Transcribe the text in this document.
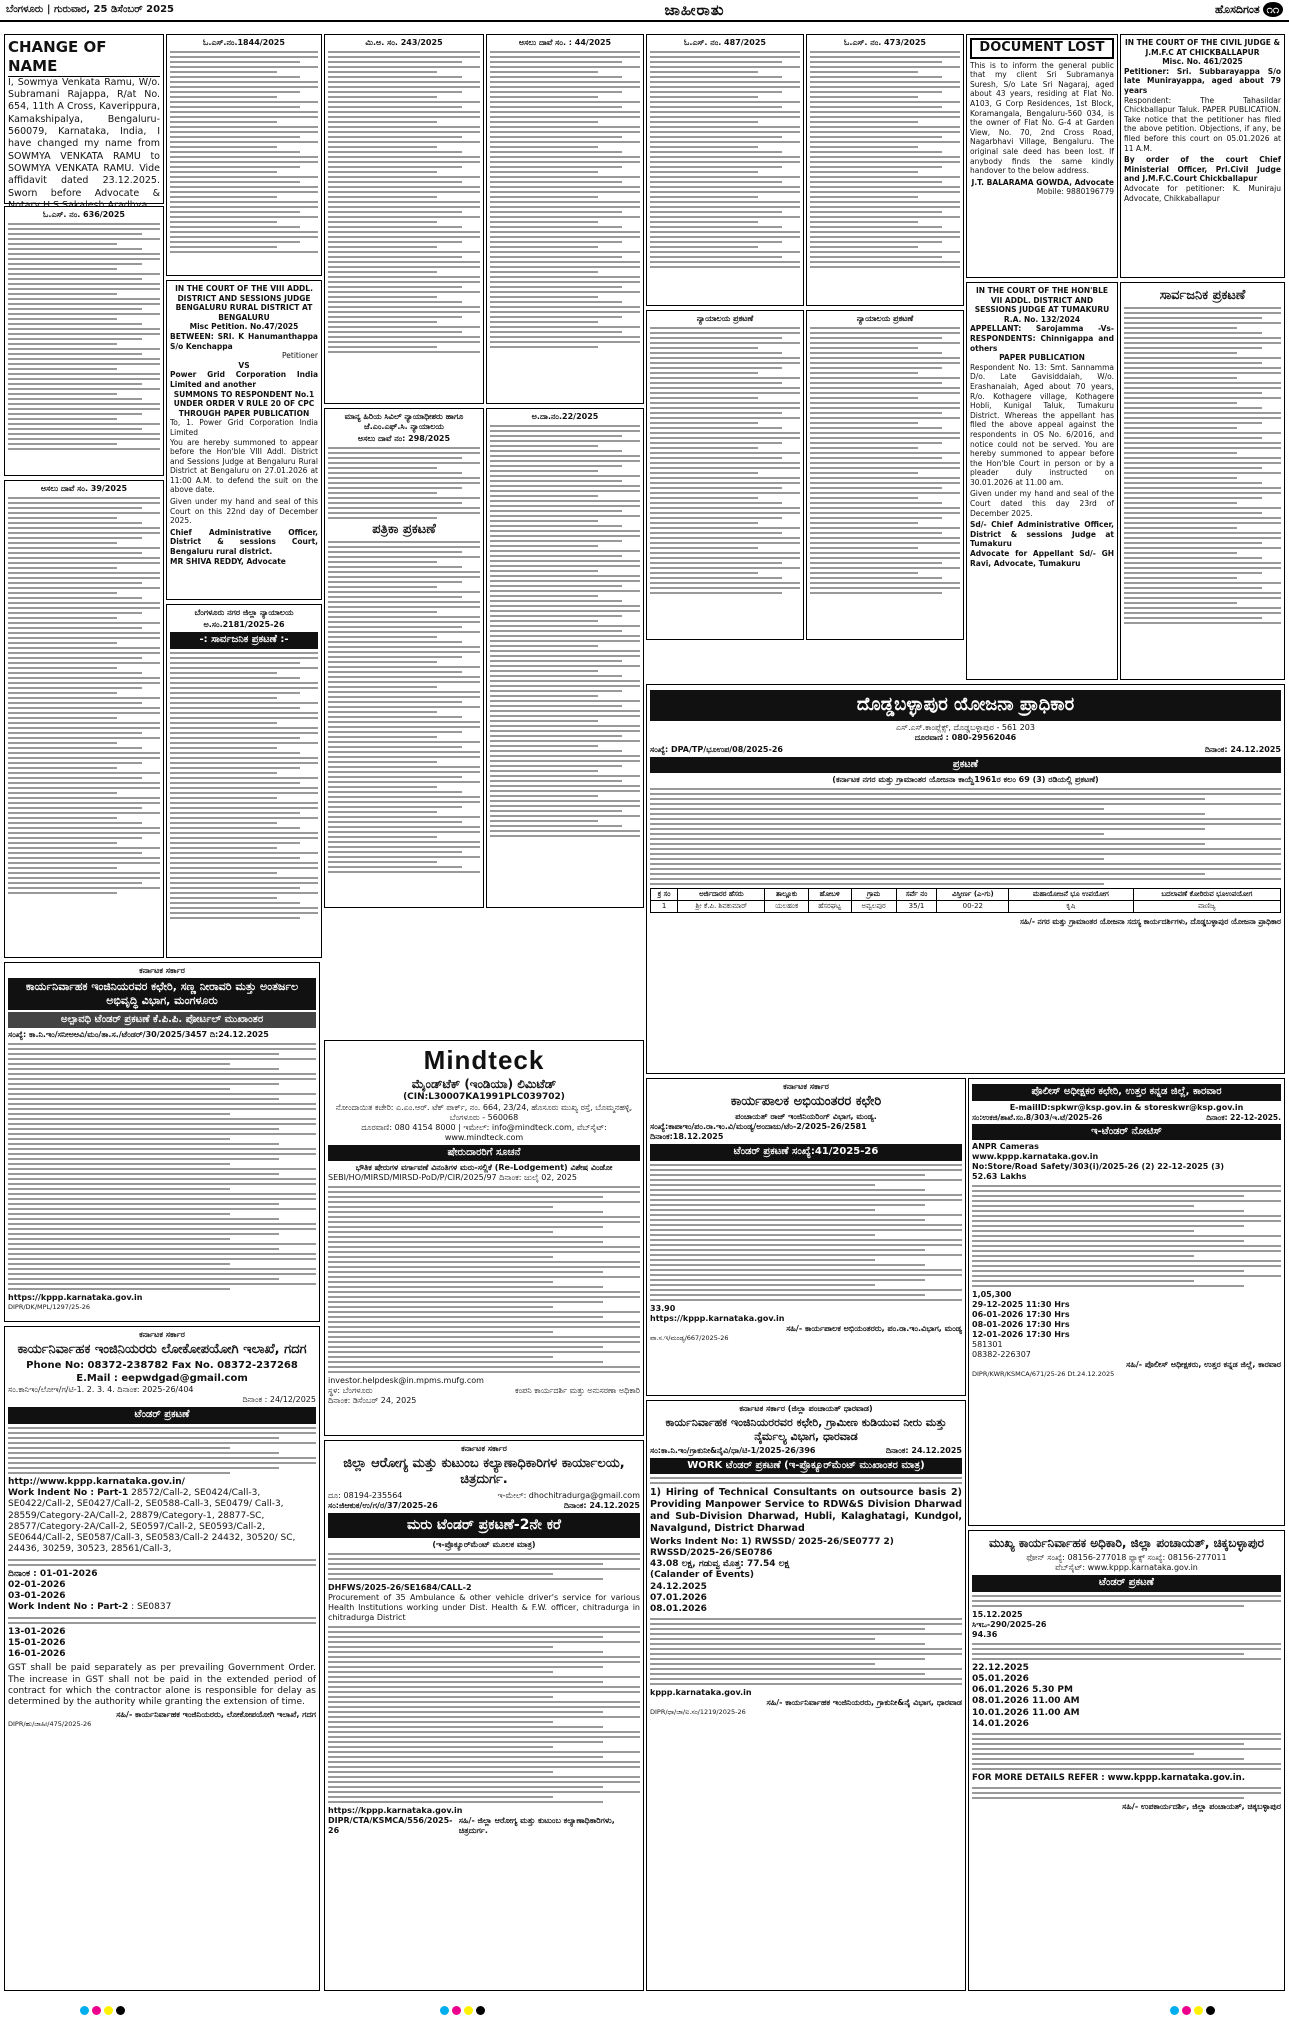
ಬೆಂಗಳೂರು | ಗುರುವಾರ, 25 ಡಿಸೆಂಬರ್ 2025	ಜಾಹೀರಾತು	ಹೊಸದಿಗಂತ ೧೧
CHANGE OF NAME

I, Sowmya Venkata Ramu, W/o. Subramani Rajappa, R/at No. 654, 11th A Cross, Kaverippura, Kamakshipalya, Bengaluru-560079, Karnataka, India, I have changed my name from SOWMYA VENKATA RAMU to SOWMYA VENKATA RAMU. Vide affidavit dated 23.12.2025. Sworn before Advocate &

ಓ.ಎಸ್. ನಂ. 636/2025
ಅಸಲು ದಾವೆ ಸಂ. 39/2025
ಓ.ಎಸ್.ನಂ.1844/2025
IN THE COURT OF THE VIII ADDL. DISTRICT AND SESSIONS JUDGE BENGALURU RURAL DISTRICT AT BENGALURU
Misc Petition. No.47/2025
BETWEEN: SRI. K Hanumanthappa S/o Kenchappa
Petitioner
VS
Power Grid Corporation India Limited and another
SUMMONS TO RESPONDENT No.1 UNDER ORDER V RULE 20 OF CPC THROUGH PAPER PUBLICATION
To, 1. Power Grid Corporation India Limited

You are hereby summoned to appear before the Hon'ble VIII Addl. District and Sessions Judge at Bengaluru Rural District at Bengaluru on 27.01.2026 at 11:00 A.M. to defend the suit on the above date.

Given under my hand and seal of this Court on this 22nd day of December 2025.

Chief Administrative Officer, District & sessions Court, Bengaluru rural district.
MR SHIVA REDDY, Advocate
ಬೆಂಗಳೂರು ನಗರ ಜಿಲ್ಲಾ ನ್ಯಾಯಾಲಯ
ಅ.ಸಂ.2181/2025-26
-: ಸಾರ್ವಜನಿಕ ಪ್ರಕಟಣೆ :-
ಮಿ.ಅ. ಸಂ. 243/2025
ಮಾನ್ಯ ಹಿರಿಯ ಸಿವಿಲ್ ನ್ಯಾಯಾಧೀಶರು ಹಾಗೂ ಜೆ.ಎಂ.ಎಫ್.ಸಿ. ನ್ಯಾಯಾಲಯ
ಅಸಲು ದಾವೆ ನಂ: 298/2025
ಪತ್ರಿಕಾ ಪ್ರಕಟಣೆ
ಅಸಲು ದಾವೆ ಸಂ. : 44/2025
ಅ.ದಾ.ನಂ.22/2025
ಓ.ಎಸ್. ನಂ. 487/2025
ನ್ಯಾಯಾಲಯ ಪ್ರಕಟಣೆ
ಓ.ಎಸ್. ನಂ. 473/2025
ನ್ಯಾಯಾಲಯ ಪ್ರಕಟಣೆ
DOCUMENT LOST

This is to inform the general public that my client Sri Subramanya Suresh, S/o Late Sri Nagaraj, aged about 43 years, residing at Flat No. A103, G Corp Residences, 1st Block, Koramangala, Bengaluru-560 034, is the owner of Flat No. G-4 at Garden View, No. 70, 2nd Cross Road, Nagarbhavi Village, Bengaluru. The original sale deed has been lost. If anybody finds the same kindly handover to the below address.

J.T. BALARAMA GOWDA, Advocate
Mobile: 9880196779
IN THE COURT OF THE HON'BLE VII ADDL. DISTRICT AND SESSIONS JUDGE AT TUMAKURU
R.A. No. 132/2024
APPELLANT: Sarojamma -Vs- RESPONDENTS: Chinnigappa and others
PAPER PUBLICATION

Respondent No. 13: Smt. Sannamma D/o. Late Gavisiddaiah, W/o. Erashanaiah, Aged about 70 years, R/o. Kothagere village, Kothagere Hobli, Kunigal Taluk, Tumakuru District. Whereas the appellant has filed the above appeal against the respondents in OS No. 6/2016, and notice could not be served. You are hereby summoned to appear before the Hon'ble Court in person or by a pleader duly instructed on 30.01.2026 at 11.00 am.

Given under my hand and seal of the Court dated this day 23rd of December 2025.

Sd/- Chief Administrative Officer, District & sessions Judge at Tumakuru
Advocate for Appellant Sd/- GH Ravi, Advocate, Tumakuru
IN THE COURT OF THE CIVIL JUDGE & J.M.F.C AT CHICKBALLAPUR
Misc. No. 461/2025
Petitioner: Sri. Subbarayappa S/o late Munirayappa, aged about 79 years

Respondent: The Tahasildar Chickballapur Taluk. PAPER PUBLICATION. Take notice that the petitioner has filed the above petition. Objections, if any, be filed before this court on 05.01.2026 at 11 A.M.

By order of the court Chief Ministerial Officer, Prl.Civil Judge and J.M.F.C.Court Chickballapur
Advocate for petitioner: K. Muniraju Advocate, Chikkaballapur
ಸಾರ್ವಜನಿಕ ಪ್ರಕಟಣೆ
ದೊಡ್ಡಬಳ್ಳಾಪುರ ಯೋಜನಾ ಪ್ರಾಧಿಕಾರ
ಎಸ್.ಎಸ್.ಕಾಂಪ್ಲೆಕ್ಸ್, ದೊಡ್ಡಬಳ್ಳಾಪುರ - 561 203
ದೂರವಾಣಿ : 080-29562046
ಸಂಖ್ಯೆ: DPA/TP/ಭೂಉಪ/08/2025-26	ದಿನಾಂಕ: 24.12.2025
ಪ್ರಕಟಣೆ
(ಕರ್ನಾಟಕ ನಗರ ಮತ್ತು ಗ್ರಾಮಾಂತರ ಯೋಜನಾ ಕಾಯ್ದೆ1961ರ ಕಲಂ 69 (3) ರಡಿಯಲ್ಲಿ ಪ್ರಕಟಣೆ)
ಕ್ರ ಸಂ	ಅರ್ಜಿದಾರರ ಹೆಸರು	ತಾಲ್ಲೂಕು	ಹೋಬಳಿ	ಗ್ರಾಮ	ಸರ್ವೆ ನಂ	ವಿಸ್ತೀರ್ಣ (ಎ-ಗು)	ಮಹಾಯೋಜನೆ ಭೂ ಉಪಯೋಗ	ಬದಲಾವಣೆ ಕೋರಿರುವ ಭೂಉಪಯೋಗ
1	ಶ್ರೀ ಕೆ.ಪಿ. ಶಿವಕುಮಾರ್	ಯಲಹಂಕ	ಹೆಸರಘಟ್ಟ	ಅವ್ವಲಪುರ	35/1	00-22	ಕೃಷಿ	ವಾಣಿಜ್ಯ
ಸಹಿ/- ನಗರ ಮತ್ತು ಗ್ರಾಮಾಂತರ ಯೋಜನಾ ಸದಸ್ಯ ಕಾರ್ಯದರ್ಶಿಗಳು, ದೊಡ್ಡಬಳ್ಳಾಪುರ ಯೋಜನಾ ಪ್ರಾಧಿಕಾರ
ಕರ್ನಾಟಕ ಸರ್ಕಾರ
ಕಾರ್ಯನಿರ್ವಾಹಕ ಇಂಜಿನಿಯರವರ ಕಛೇರಿ, ಸಣ್ಣ ನೀರಾವರಿ ಮತ್ತು ಅಂತರ್ಜಲ ಅಭಿವೃದ್ಧಿ ವಿಭಾಗ, ಮಂಗಳೂರು
ಅಲ್ಪಾವಧಿ ಟೆಂಡರ್ ಪ್ರಕಟಣೆ ಕೆ.ಪಿ.ಪಿ. ಪೋರ್ಟಲ್ ಮುಖಾಂತರ
ಸಂಖ್ಯೆ: ಕಾ.ನಿ.ಇಂ/ಸನೀಅಅವಿ/ಮಂ/ತಾ.ಸ./ಟೆಂಡರ್/30/2025/3457 ದಿ:24.12.2025
https://kppp.karnataka.gov.in
DIPR/DK/MPL/1297/25-26
Mindteck
ಮೈಂಡ್‌ಟೆಕ್ (ಇಂಡಿಯಾ) ಲಿಮಿಟೆಡ್
(CIN:L30007KA1991PLC039702)
ನೋಂದಾಯಿತ ಕಚೇರಿ: ಎ.ಎಂ.ಆರ್. ಟೆಕ್ ಪಾರ್ಕ್, ನಂ. 664, 23/24, ಹೊಸೂರು ಮುಖ್ಯ ರಸ್ತೆ, ಬೊಮ್ಮನಹಳ್ಳಿ, ಬೆಂಗಳೂರು - 560068
ದೂರವಾಣಿ: 080 4154 8000 | ಇಮೇಲ್: info@mindteck.com, ವೆಬ್‌ಸೈಟ್: www.mindteck.com
ಷೇರುದಾರರಿಗೆ ಸೂಚನೆ
ಭೌತಿಕ ಷೇರುಗಳ ವರ್ಗಾವಣೆ ವಿನಂತಿಗಳ ಮರು-ಸಲ್ಲಿಕೆ (Re-Lodgement) ವಿಶೇಷ ವಿಂಡೋ
SEBI/HO/MIRSD/MIRSD-PoD/P/CIR/2025/97 ದಿನಾಂಕ: ಜುಲೈ 02, 2025
investor.helpdesk@in.mpms.mufg.com
ಸ್ಥಳ: ಬೆಂಗಳೂರು
ದಿನಾಂಕ: ಡಿಸೆಂಬರ್ 24, 2025
ಕಂಪನಿ ಕಾರ್ಯದರ್ಶಿ ಮತ್ತು ಅನುಸರಣಾ ಅಧಿಕಾರಿ
ಕರ್ನಾಟಕ ಸರ್ಕಾರ
ಕಾರ್ಯಪಾಲಕ ಅಭಿಯಂತರರ ಕಛೇರಿ
ಪಂಚಾಯತ್ ರಾಜ್ ಇಂಜಿನಿಯರಿಂಗ್ ವಿಭಾಗ, ಮಂಡ್ಯ.
ಸಂಖ್ಯೆ:ಕಾಪಾಇಂ/ಪಂ.ರಾ.ಇಂ.ವಿ/ಮಂಡ್ಯ/ಅಂದಾಜು/ಟೆಂ-2/2025-26/2581
ದಿನಾಂಕ:18.12.2025
ಟೆಂಡರ್ ಪ್ರಕಟಣೆ ಸಂಖ್ಯೆ:41/2025-26
33.90
https://kppp.karnataka.gov.in
ಸಹಿ/- ಕಾರ್ಯಪಾಲಕ ಅಭಿಯಂತರರು, ಪಂ.ರಾ.ಇಂ.ವಿಭಾಗ, ಮಂಡ್ಯ
ವಾ.ಸ.ಇ/ಮಂಡ್ಯ/667/2025-26
ಪೊಲೀಸ್ ಅಧೀಕ್ಷಕರ ಕಛೇರಿ, ಉತ್ತರ ಕನ್ನಡ ಜಿಲ್ಲೆ, ಕಾರವಾರ
E-mailID:spkwr@ksp.gov.in & storeskwr@ksp.gov.in
ಸಂ:ಉಕಜಿ/ಶಾಖೆ.ಸಂ.8/303/ಇ.ಟೆ/2025-26	ದಿನಾಂಕ: 22-12-2025.
ಇ-ಟೆಂಡರ್ ನೋಟಿಸ್
ANPR Cameras
www.kppp.karnataka.gov.in
No:Store/Road Safety/303(i)/2025-26 (2) 22-12-2025 (3)
52.63 Lakhs
1,05,300
29-12-2025 11:30 Hrs
06-01-2026 17:30 Hrs
08-01-2026 17:30 Hrs
12-01-2026 17:30 Hrs
581301
08382-226307
ಸಹಿ/- ಪೊಲೀಸ್ ಅಧೀಕ್ಷಕರು, ಉತ್ತರ ಕನ್ನಡ ಜಿಲ್ಲೆ, ಕಾರವಾರ
DIPR/KWR/KSMCA/671/25-26 Dt.24.12.2025
ಕರ್ನಾಟಕ ಸರ್ಕಾರ
ಕಾರ್ಯನಿರ್ವಾಹಕ ಇಂಜಿನಿಯರರು ಲೋಕೋಪಯೋಗಿ ಇಲಾಖೆ, ಗದಗ
Phone No: 08372-238782 Fax No. 08372-237268
E.Mail : eepwdgad@gmail.com
ಸಂ.ಕಾನಿಇಂ/ಲೋಇ/ಗ/ಟಿ-1. 2. 3. 4. ದಿನಾಂಕ: 2025-26/404
ದಿನಾಂಕ : 24/12/2025
ಟೆಂಡರ್ ಪ್ರಕಟಣೆ
http://www.kppp.karnataka.gov.in/
Work Indent No : Part-1 28572/Call-2, SE0424/Call-3, SE0422/Call-2, SE0427/Call-2, SE0588-Call-3, SE0479/ Call-3, 28559/Category-2A/Call-2, 28879/Category-1, 28877-SC, 28577/Category-2A/Call-2, SE0597/Call-2, SE0593/Call-2, SE0644/Call-2, SE0587/Call-3, SE0583/Call-2 24432, 30520/ SC, 24436, 30259, 30523, 28561/Call-3,
ದಿನಾಂಕ : 01-01-2026
02-01-2026
03-01-2026
Work Indent No : Part-2 : SE0837
13-01-2026
15-01-2026
16-01-2026

GST shall be paid separately as per prevailing Government Order. The increase in GST shall not be paid in the extended period of contract for which the contractor alone is responsible for delay as determined by the authority while granting the extension of time.

ಸಹಿ/- ಕಾರ್ಯನಿರ್ವಾಹಕ ಇಂಜಿನಿಯರರು, ಲೋಕೋಪಯೋಗಿ ಇಲಾಖೆ, ಗದಗ
DIPR/ಹು/ಜಾಹೀ/475/2025-26
ಕರ್ನಾಟಕ ಸರ್ಕಾರ
ಜಿಲ್ಲಾ ಆರೋಗ್ಯ ಮತ್ತು ಕುಟುಂಬ ಕಲ್ಯಾಣಾಧಿಕಾರಿಗಳ ಕಾರ್ಯಾಲಯ, ಚಿತ್ರದುರ್ಗ.
ದೂ: 08194-235564	ಇ-ಮೇಲ್: dhochitradurga@gmail.com
ಸಂ:ಜಿಆಕುಕ/ಉ/ಗ/ರ/37/2025-26	ದಿನಾಂಕ: 24.12.2025
ಮರು ಟೆಂಡರ್ ಪ್ರಕಟಣೆ-2ನೇ ಕರೆ
(ಇ-ಪ್ರೊಕ್ಯೂರ್‌ಮೆಂಟ್ ಮೂಲಕ ಮಾತ್ರ)
DHFWS/2025-26/SE1684/CALL-2

Procurement of 35 Ambulance & other vehicle driver's service for various Health Institutions working under Dist. Health & F.W. officer, chitradurga in chitradurga District

https://kppp.karnataka.gov.in
DIPR/CTA/KSMCA/556/2025-26
ಸಹಿ/- ಜಿಲ್ಲಾ ಆರೋಗ್ಯ ಮತ್ತು ಕುಟುಂಬ ಕಲ್ಯಾಣಾಧಿಕಾರಿಗಳು, ಚಿತ್ರದುರ್ಗ.
ಕರ್ನಾಟಕ ಸರ್ಕಾರ (ಜಿಲ್ಲಾ ಪಂಚಾಯತ್ ಧಾರವಾಡ)
ಕಾರ್ಯನಿರ್ವಾಹಕ ಇಂಜಿನಿಯರರವರ ಕಛೇರಿ, ಗ್ರಾಮೀಣ ಕುಡಿಯುವ ನೀರು ಮತ್ತು ನೈರ್ಮಲ್ಯ ವಿಭಾಗ, ಧಾರವಾಡ
ಸಂ:ಕಾ.ನಿ.ಇಂ/ಗ್ರಾಕುನೀ&ನೈವಿ/ಧಾ/ಟಿ-1/2025-26/396	ದಿನಾಂಕ: 24.12.2025
WORK ಟೆಂಡರ್ ಪ್ರಕಟಣೆ (ಇ-ಪ್ರೊಕ್ಯೂರ್‌ಮೆಂಟ್ ಮುಖಾಂತರ ಮಾತ್ರ)

1) Hiring of Technical Consultants on outsource basis 2) Providing Manpower Service to RDW&S Division Dharwad and Sub-Division Dharwad, Hubli, Kalaghatagi, Kundgol, Navalgund, District Dharwad

Works Indent No: 1) RWSSD/ 2025-26/SE0777 2) RWSSD/2025-26/SE0786
43.08 ಲಕ್ಷ, ಗಡುವ್ವ ಮೊತ್ತ: 77.54 ಲಕ್ಷ
(Calander of Events)
24.12.2025
07.01.2026
08.01.2026
kppp.karnataka.gov.in
ಸಹಿ/- ಕಾರ್ಯನಿರ್ವಾಹಕ ಇಂಜಿನಿಯರರು, ಗ್ರಾಕುನೀ&ನೈ ವಿಭಾಗ, ಧಾರವಾಡ
DIPR/ಧಾ/ಜಾ/ಐ.ಸಂ/1219/2025-26
ಮುಖ್ಯ ಕಾರ್ಯನಿರ್ವಾಹಕ ಅಧಿಕಾರಿ, ಜಿಲ್ಲಾ ಪಂಚಾಯತ್, ಚಿಕ್ಕಬಳ್ಳಾಪುರ
ಫೋನ್ ಸಂಖ್ಯೆ: 08156-277018 ಫ್ಯಾಕ್ಸ್ ಸಂಖ್ಯೆ: 08156-277011
ವೆಬ್‌ಸೈಟ್: www.kppp.karnataka.gov.in
ಟೆಂಡರ್ ಪ್ರಕಟಣೆ
15.12.2025
ಸಿಇಒ-290/2025-26
94.36
22.12.2025
05.01.2026
06.01.2026 5.30 PM
08.01.2026 11.00 AM
10.01.2026 11.00 AM
14.01.2026
FOR MORE DETAILS REFER : www.kppp.karnataka.gov.in.
ಸಹಿ/- ಉಪಕಾರ್ಯದರ್ಶಿ, ಜಿಲ್ಲಾ ಪಂಚಾಯತ್, ಚಿಕ್ಕಬಳ್ಳಾಪುರ
